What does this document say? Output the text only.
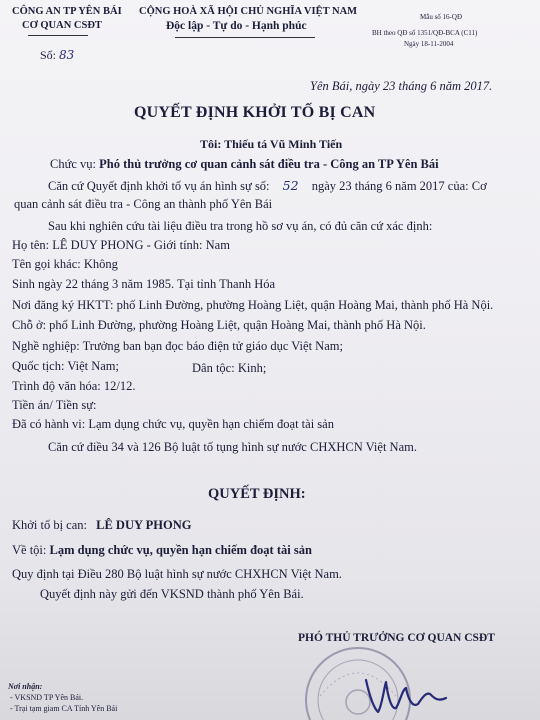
CÔNG AN TP YÊN BÁI
CƠ QUAN CSĐT
CỘNG HOÀ XÃ HỘI CHỦ NGHĨA VIỆT NAM
Độc lập - Tự do - Hạnh phúc
Mẫu số 16-QĐ
BH theo QĐ số 1351/QĐ-BCA (C11)
Ngày 18-11-2004
Số: 83
Yên Bái, ngày 23 tháng 6 năm 2017.
QUYẾT ĐỊNH KHỞI TỐ BỊ CAN
Tôi: Thiếu tá Vũ Minh Tiến
Chức vụ: Phó thủ trưởng cơ quan cảnh sát điều tra - Công an TP Yên Bái
Căn cứ Quyết định khởi tố vụ án hình sự số: 52 ngày 23 tháng 6 năm 2017 của: Cơ
quan cảnh sát điều tra - Công an thành phố Yên Bái
Sau khi nghiên cứu tài liệu điều tra trong hồ sơ vụ án, có đủ căn cứ xác định:
Họ tên: LÊ DUY PHONG - Giới tính: Nam
Tên gọi khác: Không
Sinh ngày 22 tháng 3 năm 1985. Tại tỉnh Thanh Hóa
Nơi đăng ký HKTT: phố Linh Đường, phường Hoàng Liệt, quận Hoàng Mai, thành phố Hà Nội.
Chỗ ở: phố Linh Đường, phường Hoàng Liệt, quận Hoàng Mai, thành phố Hà Nội.
Nghề nghiệp: Trưởng ban bạn đọc báo điện tử giáo dục Việt Nam;
Quốc tịch: Việt Nam;	Dân tộc: Kinh;
Trình độ văn hóa: 12/12.
Tiền án/ Tiền sự:
Đã có hành vi: Lạm dụng chức vụ, quyền hạn chiếm đoạt tài sản
Căn cứ điều 34 và 126 Bộ luật tố tụng hình sự nước CHXHCN Việt Nam.
QUYẾT ĐỊNH:
Khởi tố bị can: LÊ DUY PHONG
Về tội: Lạm dụng chức vụ, quyền hạn chiếm đoạt tài sản
Quy định tại Điều 280 Bộ luật hình sự nước CHXHCN Việt Nam.
Quyết định này gửi đến VKSND thành phố Yên Bái.
PHÓ THỦ TRƯỞNG CƠ QUAN CSĐT
Nơi nhận:
- VKSND TP Yên Bái.
- Trại tạm giam CA Tỉnh Yên Bái
